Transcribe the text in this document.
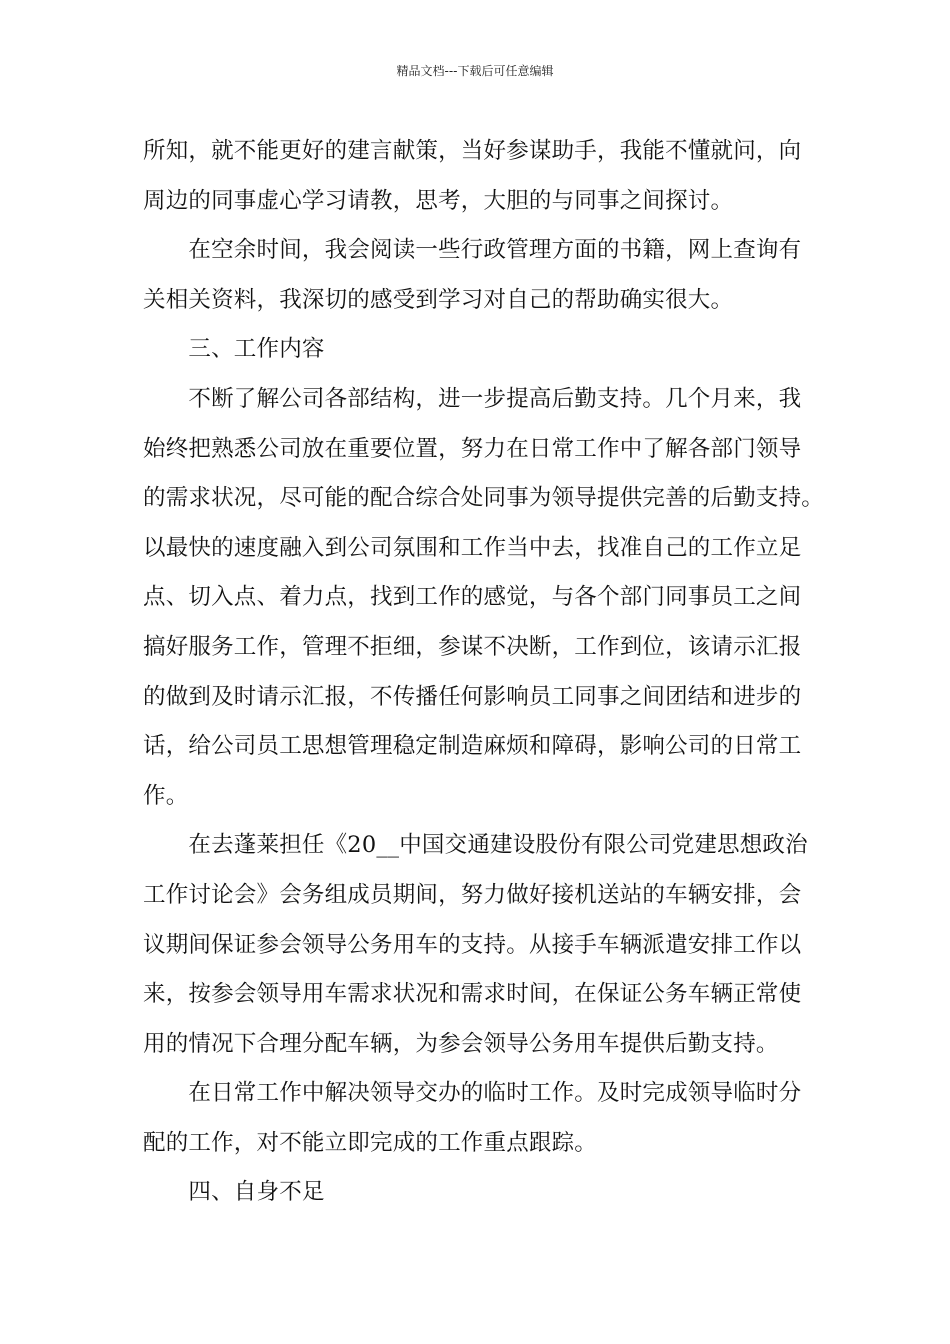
精品文档---下载后可任意编辑
所知，就不能更好的建言献策，当好参谋助手，我能不懂就问，向
周边的同事虚心学习请教，思考，大胆的与同事之间探讨。
　　在空余时间，我会阅读一些行政管理方面的书籍，网上查询有
关相关资料，我深切的感受到学习对自己的帮助确实很大。
　　三、工作内容
　　不断了解公司各部结构，进一步提高后勤支持。几个月来，我
始终把熟悉公司放在重要位置，努力在日常工作中了解各部门领导
的需求状况，尽可能的配合综合处同事为领导提供完善的后勤支持。
以最快的速度融入到公司氛围和工作当中去，找准自己的工作立足
点、切入点、着力点，找到工作的感觉，与各个部门同事员工之间
搞好服务工作，管理不拒细，参谋不决断，工作到位，该请示汇报
的做到及时请示汇报，不传播任何影响员工同事之间团结和进步的
话，给公司员工思想管理稳定制造麻烦和障碍，影响公司的日常工
作。
　　在去蓬莱担任《20__中国交通建设股份有限公司党建思想政治
工作讨论会》会务组成员期间，努力做好接机送站的车辆安排，会
议期间保证参会领导公务用车的支持。从接手车辆派遣安排工作以
来，按参会领导用车需求状况和需求时间，在保证公务车辆正常使
用的情况下合理分配车辆，为参会领导公务用车提供后勤支持。
　　在日常工作中解决领导交办的临时工作。及时完成领导临时分
配的工作，对不能立即完成的工作重点跟踪。
　　四、自身不足
